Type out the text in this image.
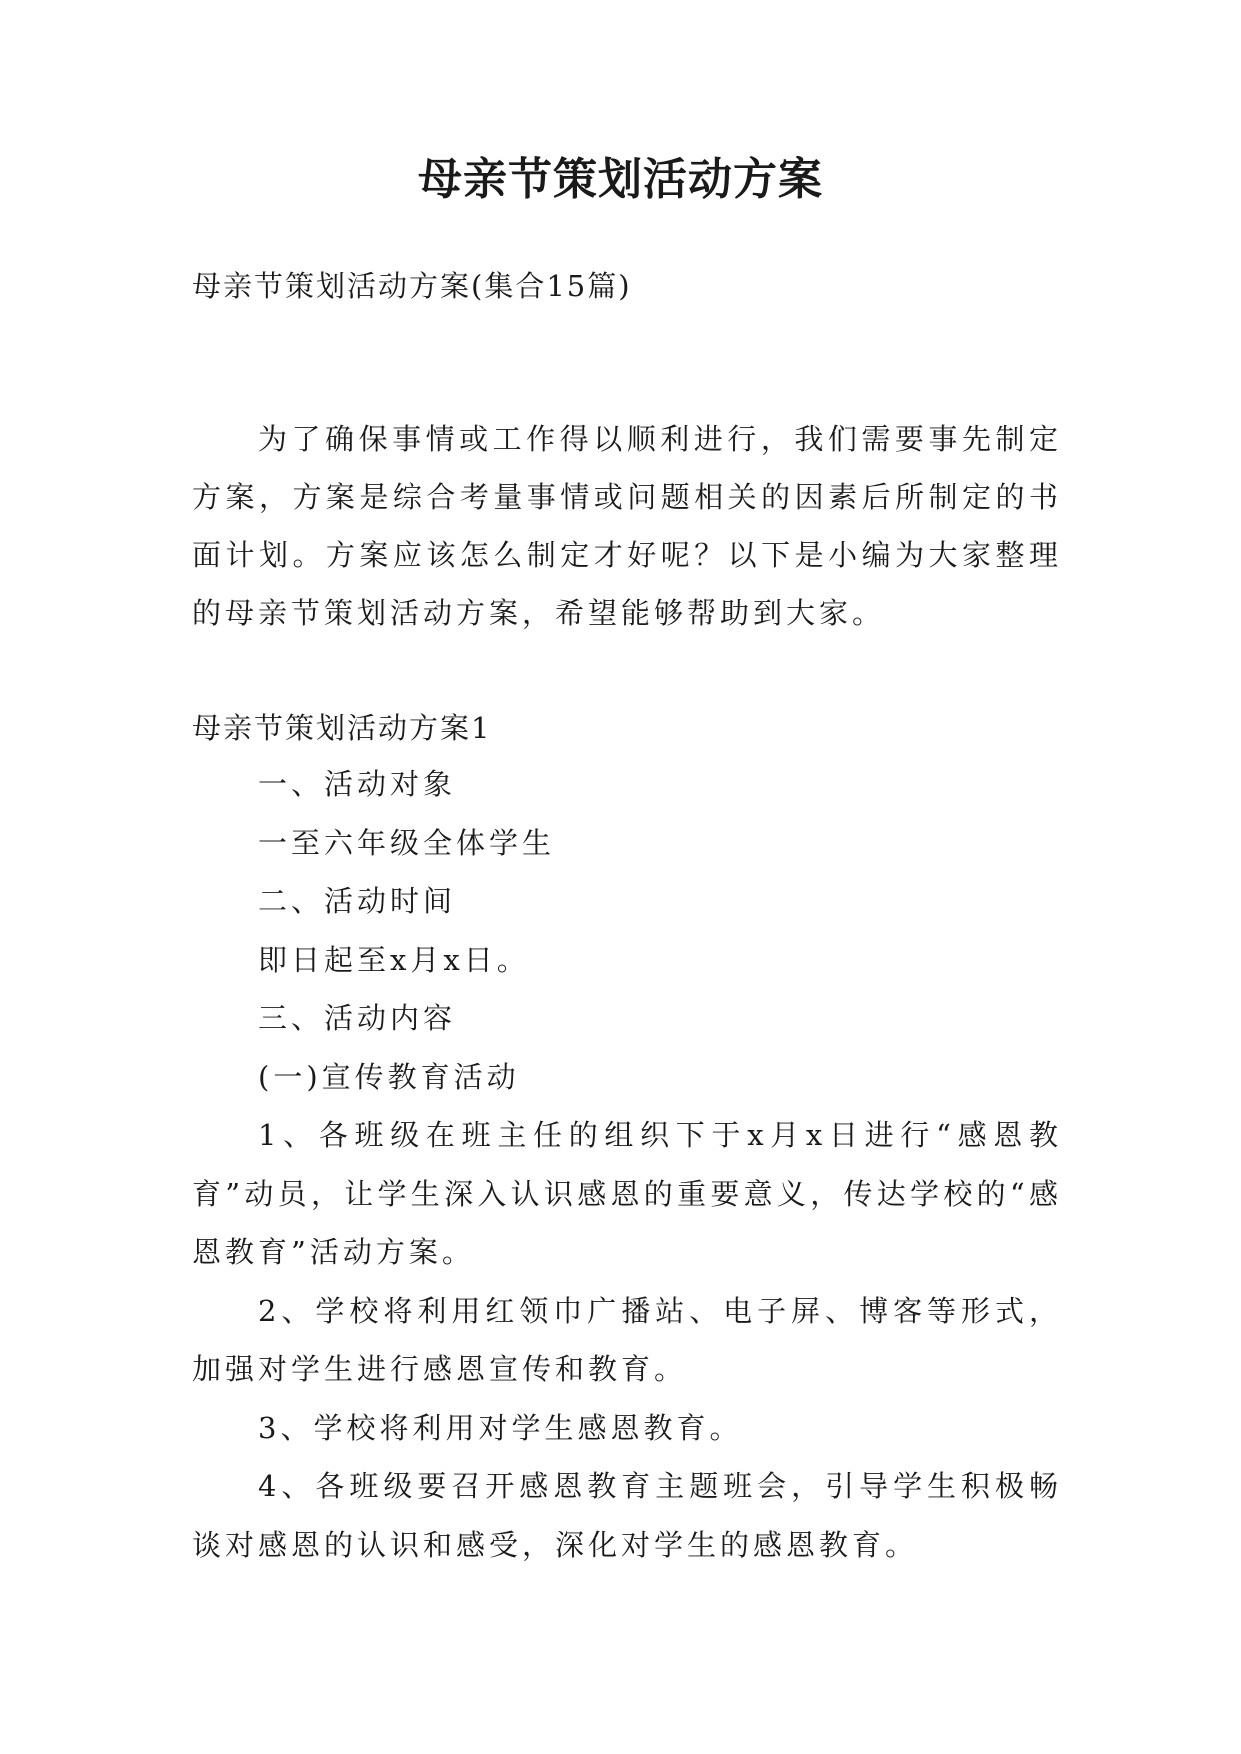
母亲节策划活动方案
母亲节策划活动方案(集合15篇)

为了确保事情或工作得以顺利进行，我们需要事先制定方案，方案是综合考量事情或问题相关的因素后所制定的书面计划。方案应该怎么制定才好呢？以下是小编为大家整理的母亲节策划活动方案，希望能够帮助到大家。

母亲节策划活动方案1

一、活动对象

一至六年级全体学生

二、活动时间

即日起至x月x日。

三、活动内容

(一)宣传教育活动

1、各班级在班主任的组织下于x月x日进行“感恩教育”动员，让学生深入认识感恩的重要意义，传达学校的“感恩教育”活动方案。

2、学校将利用红领巾广播站、电子屏、博客等形式，加强对学生进行感恩宣传和教育。

3、学校将利用对学生感恩教育。

4、各班级要召开感恩教育主题班会，引导学生积极畅谈对感恩的认识和感受，深化对学生的感恩教育。
